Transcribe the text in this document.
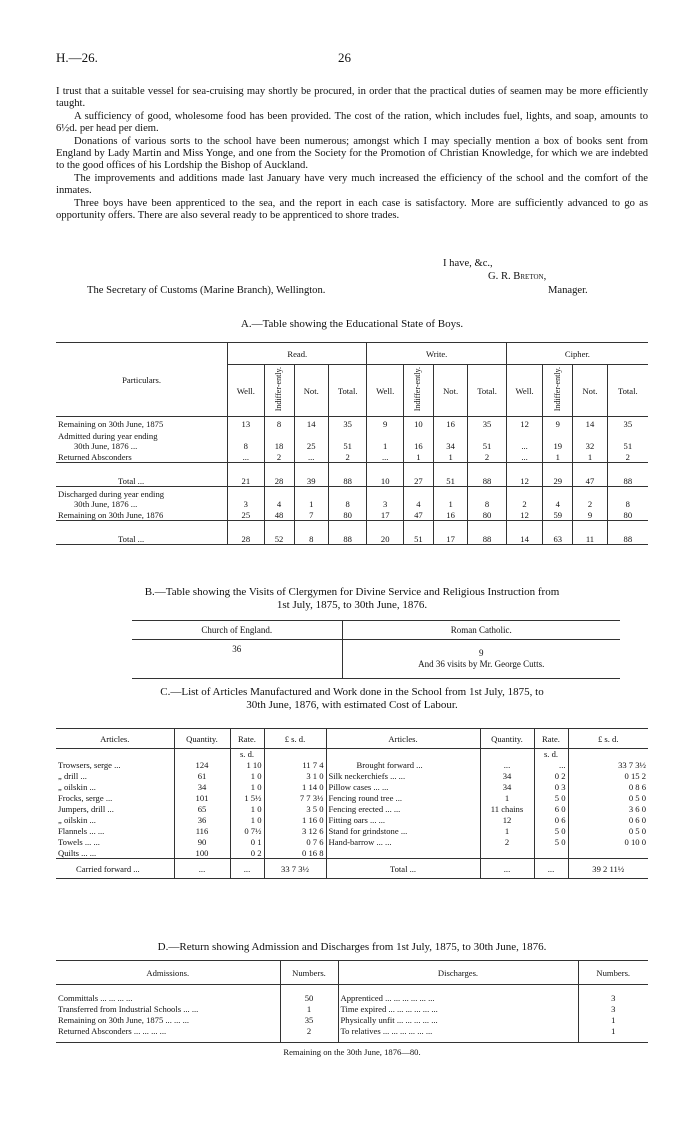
H.—26.	26

I trust that a suitable vessel for sea-cruising may shortly be procured, in order that the practical duties of seamen may be more efficiently taught.

A sufficiency of good, wholesome food has been provided. The cost of the ration, which includes fuel, lights, and soap, amounts to 6½d. per head per diem.

Donations of various sorts to the school have been numerous; amongst which I may specially mention a box of books sent from England by Lady Martin and Miss Yonge, and one from the Society for the Promotion of Christian Knowledge, for which we are indebted to the good offices of his Lordship the Bishop of Auckland.

The improvements and additions made last January have very much increased the efficiency of the school and the comfort of the inmates.

Three boys have been apprenticed to the sea, and the report in each case is satisfactory. More are sufficiently advanced to go as opportunity offers. There are also several ready to be apprenticed to shore trades.

I have, &c.,
G. R. Breton,
The Secretary of Customs (Marine Branch), Wellington.	Manager.
A.—Table showing the Educational State of Boys.
Particulars.	Read.				Write.				Cipher.			
	Well.	Indiffer-ently.	Not.	Total.	Well.	Indiffer-ently.	Not.	Total.	Well.	Indiffer-ently.	Not.	Total.

Remaining on 30th June, 1875	13	8	14	35	9	10	16	35	12	9	14	35

Admitted during year ending
30th June, 1876 ...	8	18	25	51	1	16	34	51	...	19	32	51

Returned Absconders	...	2	...	2	...	1	1	2	...	1	1	2

Total ...	21	28	39	88	10	27	51	88	12	29	47	88

Discharged during year ending
30th June, 1876 ...	3	4	1	8	3	4	1	8	2	4	2	8

Remaining on 30th June, 1876	25	48	7	80	17	47	16	80	12	59	9	80

Total ...	28	52	8	88	20	51	17	88	14	63	11	88
B.—Table showing the Visits of Clergymen for Divine Service and Religious Instruction from
1st July, 1875, to 30th June, 1876.
Church of England.	Roman Catholic.
36	9
And 36 visits by Mr. George Cutts.

C.—List of Articles Manufactured and Work done in the School from 1st July, 1875, to
30th June, 1876, with estimated Cost of Labour.
Articles.	Quantity.	Rate.	£ s. d.	Articles.	Quantity.	Rate.	£ s. d.
		s. d.				s. d.	
Trowsers, serge ...	124	1 10	11 7 4	Brought forward ...	...	...	33 7 3½
„ drill ...	61	1 0	3 1 0	Silk neckerchiefs ... ...	34	0 2	0 15 2
„ oilskin ...	34	1 0	1 14 0	Pillow cases ... ...	34	0 3	0 8 6
Frocks, serge ...	101	1 5½	7 7 3½	Fencing round tree ...	1	5 0	0 5 0
Jumpers, drill ...	65	1 0	3 5 0	Fencing erected ... ...	11 chains	6 0	3 6 0
„ oilskin ...	36	1 0	1 16 0	Fitting oars ... ...	12	0 6	0 6 0
Flannels ... ...	116	0 7½	3 12 6	Stand for grindstone ...	1	5 0	0 5 0
Towels ... ...	90	0 1	0 7 6	Hand-barrow ... ...	2	5 0	0 10 0
Quilts ... ...	100	0 2	0 16 8				
Carried forward ...	...	...	33 7 3½	Total ...	...	...	39 2 11½
D.—Return showing Admission and Discharges from 1st July, 1875, to 30th June, 1876.
Admissions.	Numbers.	Discharges.	Numbers.

Committals ... ... ... ...	50	Apprenticed ... ... ... ... ... ...	3
Transferred from Industrial Schools ... ...	1	Time expired ... ... ... ... ... ...	3
Remaining on 30th June, 1875 ... ... ...	35	Physically unfit ... ... ... ... ...	1
Returned Absconders ... ... ... ...	2	To relatives ... ... ... ... ... ...	1

Remaining on the 30th June, 1876—80.			
